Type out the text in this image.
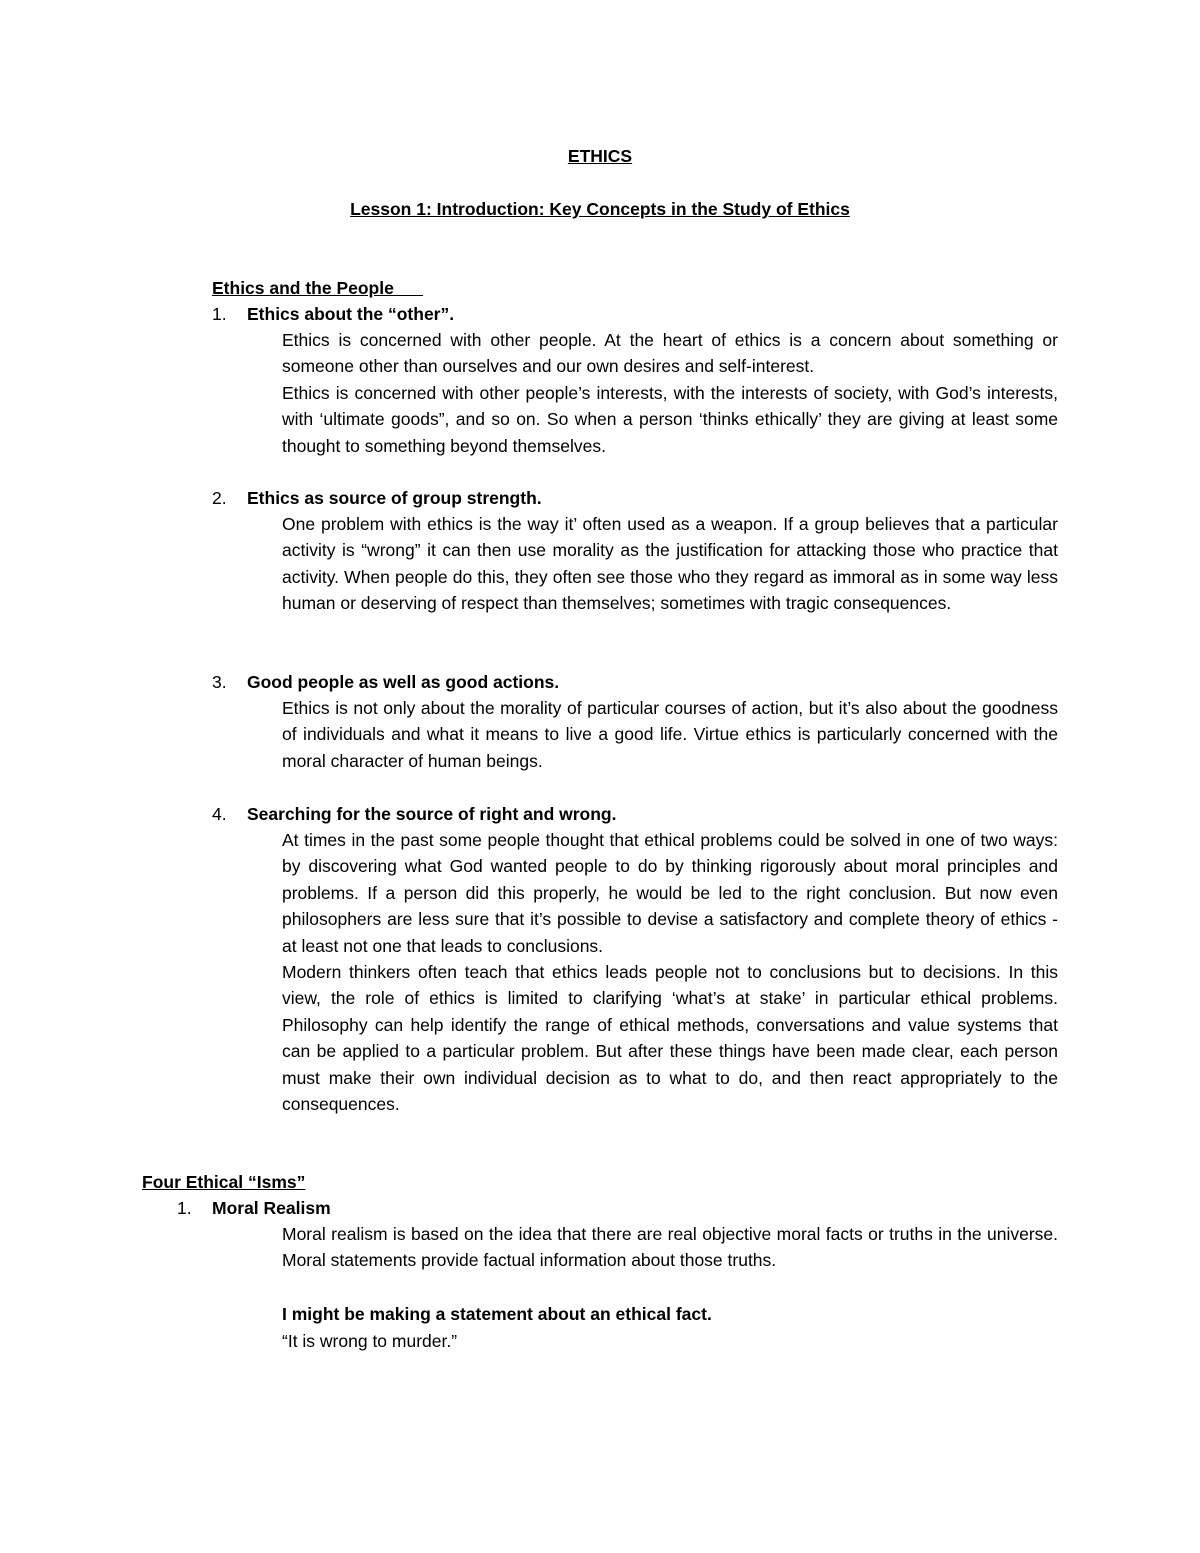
ETHICS
Lesson 1: Introduction: Key Concepts in the Study of Ethics
Ethics and the People
1. Ethics about the “other”.
Ethics is concerned with other people. At the heart of ethics is a concern about something or someone other than ourselves and our own desires and self-interest.
Ethics is concerned with other people’s interests, with the interests of society, with God’s interests, with ‘ultimate goods”, and so on. So when a person ‘thinks ethically’ they are giving at least some thought to something beyond themselves.
2. Ethics as source of group strength.
One problem with ethics is the way it’ often used as a weapon. If a group believes that a particular activity is “wrong” it can then use morality as the justification for attacking those who practice that activity. When people do this, they often see those who they regard as immoral as in some way less human or deserving of respect than themselves; sometimes with tragic consequences.
3. Good people as well as good actions.
Ethics is not only about the morality of particular courses of action, but it’s also about the goodness of individuals and what it means to live a good life. Virtue ethics is particularly concerned with the moral character of human beings.
4. Searching for the source of right and wrong.
At times in the past some people thought that ethical problems could be solved in one of two ways: by discovering what God wanted people to do by thinking rigorously about moral principles and problems. If a person did this properly, he would be led to the right conclusion. But now even philosophers are less sure that it’s possible to devise a satisfactory and complete theory of ethics - at least not one that leads to conclusions.
Modern thinkers often teach that ethics leads people not to conclusions but to decisions. In this view, the role of ethics is limited to clarifying ‘what’s at stake’ in particular ethical problems. Philosophy can help identify the range of ethical methods, conversations and value systems that can be applied to a particular problem. But after these things have been made clear, each person must make their own individual decision as to what to do, and then react appropriately to the consequences.
Four Ethical “Isms”
1. Moral Realism
Moral realism is based on the idea that there are real objective moral facts or truths in the universe. Moral statements provide factual information about those truths.
I might be making a statement about an ethical fact.
“It is wrong to murder.”
